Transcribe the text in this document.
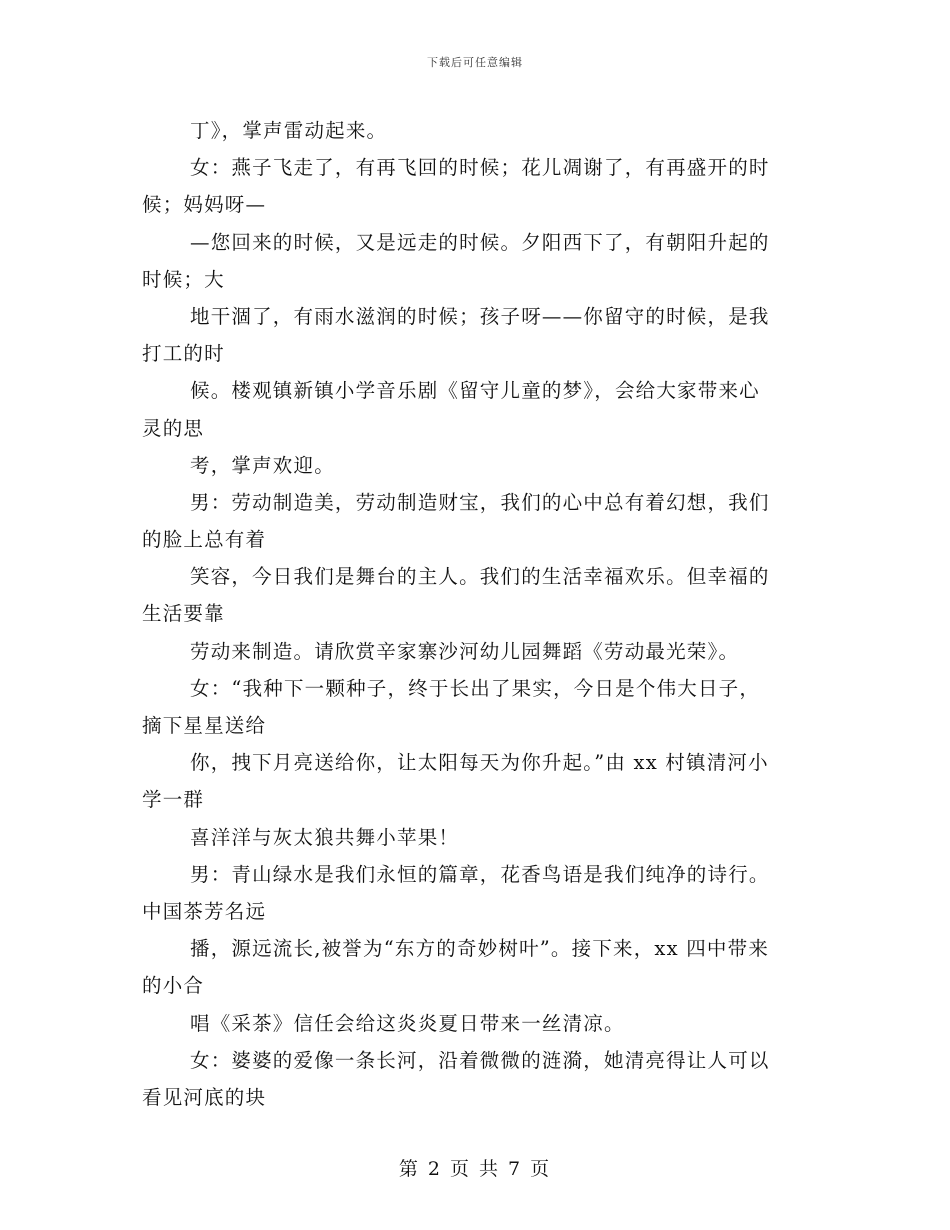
下载后可任意编辑
丁》，掌声雷动起来。
女：燕子飞走了，有再飞回的时候；花儿凋谢了，有再盛开的时
候；妈妈呀—
—您回来的时候，又是远走的时候。夕阳西下了，有朝阳升起的
时候；大
地干涸了，有雨水滋润的时候；孩子呀——你留守的时候，是我
打工的时
候。楼观镇新镇小学音乐剧《留守儿童的梦》，会给大家带来心
灵的思
考，掌声欢迎。
男：劳动制造美，劳动制造财宝，我们的心中总有着幻想，我们
的脸上总有着
笑容，今日我们是舞台的主人。我们的生活幸福欢乐。但幸福的
生活要靠
劳动来制造。请欣赏辛家寨沙河幼儿园舞蹈《劳动最光荣》。
女：“我种下一颗种子，终于长出了果实，今日是个伟大日子，
摘下星星送给
你，拽下月亮送给你，让太阳每天为你升起。”由 xx 村镇清河小
学一群
喜洋洋与灰太狼共舞小苹果！
男：青山绿水是我们永恒的篇章，花香鸟语是我们纯净的诗行。
中国茶芳名远
播，源远流长,被誉为“东方的奇妙树叶”。接下来，xx 四中带来
的小合
唱《采茶》信任会给这炎炎夏日带来一丝清凉。
女：婆婆的爱像一条长河，沿着微微的涟漪，她清亮得让人可以
看见河底的块
第 2 页 共 7 页
